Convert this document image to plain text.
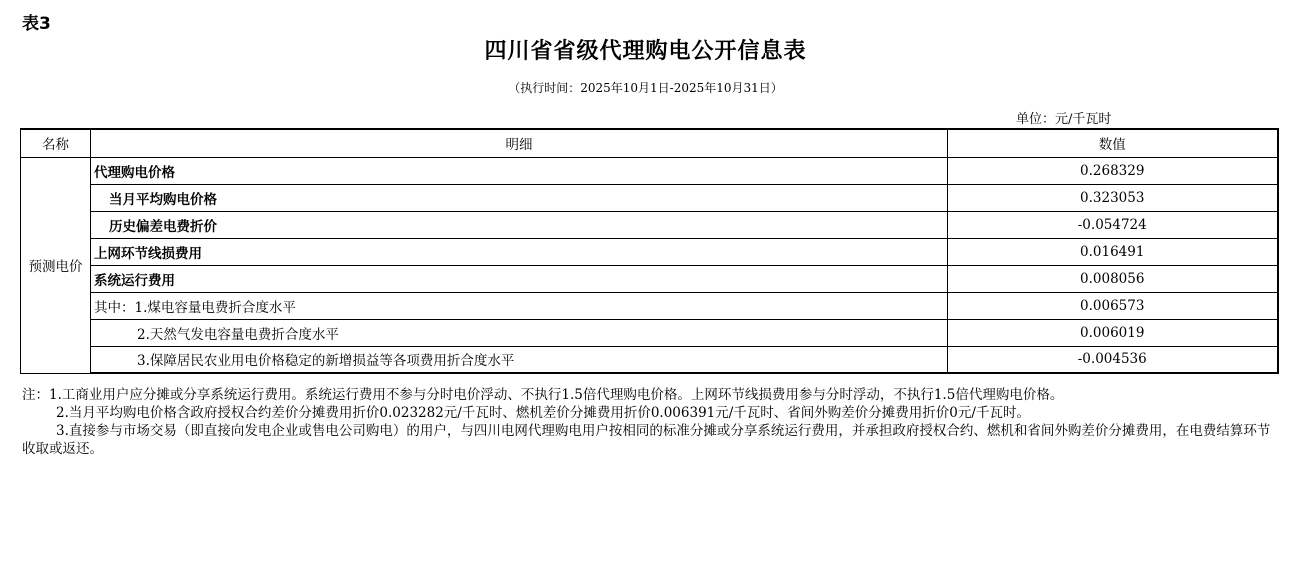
表3
四川省省级代理购电公开信息表
（执行时间：2025年10月1日-2025年10月31日）
单位：元/千瓦时
名称	明细	数值
预测电价	代理购电价格	0.268329
	当月平均购电价格	0.323053
	历史偏差电费折价	-0.054724
	上网环节线损费用	0.016491
	系统运行费用	0.008056
	其中：1.煤电容量电费折合度水平	0.006573
	2.天然气发电容量电费折合度水平	0.006019
	3.保障居民农业用电价格稳定的新增损益等各项费用折合度水平	-0.004536

注：1.工商业用户应分摊或分享系统运行费用。系统运行费用不参与分时电价浮动、不执行1.5倍代理购电价格。上网环节线损费用参与分时浮动，不执行1.5倍代理购电价格。

2.当月平均购电价格含政府授权合约差价分摊费用折价0.023282元/千瓦时、燃机差价分摊费用折价0.006391元/千瓦时、省间外购差价分摊费用折价0元/千瓦时。

3.直接参与市场交易（即直接向发电企业或售电公司购电）的用户，与四川电网代理购电用户按相同的标准分摊或分享系统运行费用，并承担政府授权合约、燃机和省间外购差价分摊费用，在电费结算环节收取或返还。
